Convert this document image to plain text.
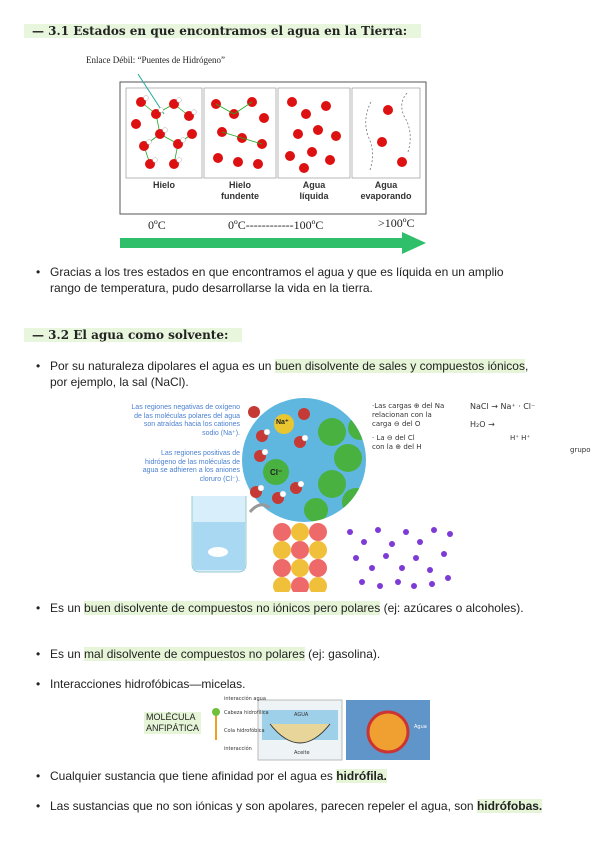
— 3.1 Estados en que encontramos el agua en la Tierra:
Enlace Débil: “Puentes de Hidrógeno”
Hielo	Hielo
fundente
Agua
líquida
Agua
evaporando
0ºC	0ºC------------100ºC	>100ºC
• Gracias a los tres estados en que encontramos el agua y que es líquida en un amplio rango de temperatura, pudo desarrollarse la vida en la tierra.
— 3.2 El agua como solvente:
• Por su naturaleza dipolares el agua es un buen disolvente de sales y compuestos iónicos, por ejemplo, la sal (NaCl).
Las regiones negativas de oxígeno de las moléculas polares del agua son atraídas hacia los cationes sodio (Na⁺).
Las regiones positivas de hidrógeno de las moléculas de agua se adhieren a los aniones cloruro (Cl⁻).
Na⁺
Cl⁻
·Las cargas ⊕ del Na
relacionan con la
carga ⊖ del O
· La ⊖ del Cl
con la ⊕ del H
NaCl → Na⁺ · Cl⁻
H₂O →
H⁺ H⁺
grupo
• Es un buen disolvente de compuestos no iónicos pero polares (ej: azúcares o alcoholes).
• Es un mal disolvente de compuestos no polares (ej: gasolina).
• Interacciones hidrofóbicas—micelas.
MOLÉCULA
ANFIPÁTICA
Cabeza hidrofílica
Cola hidrofóbica
interacción agua
interacción
AGUA
Aceite
Agua
• Cualquier sustancia que tiene afinidad por el agua es hidrófila.
• Las sustancias que no son iónicas y son apolares, parecen repeler el agua, son hidrófobas.
